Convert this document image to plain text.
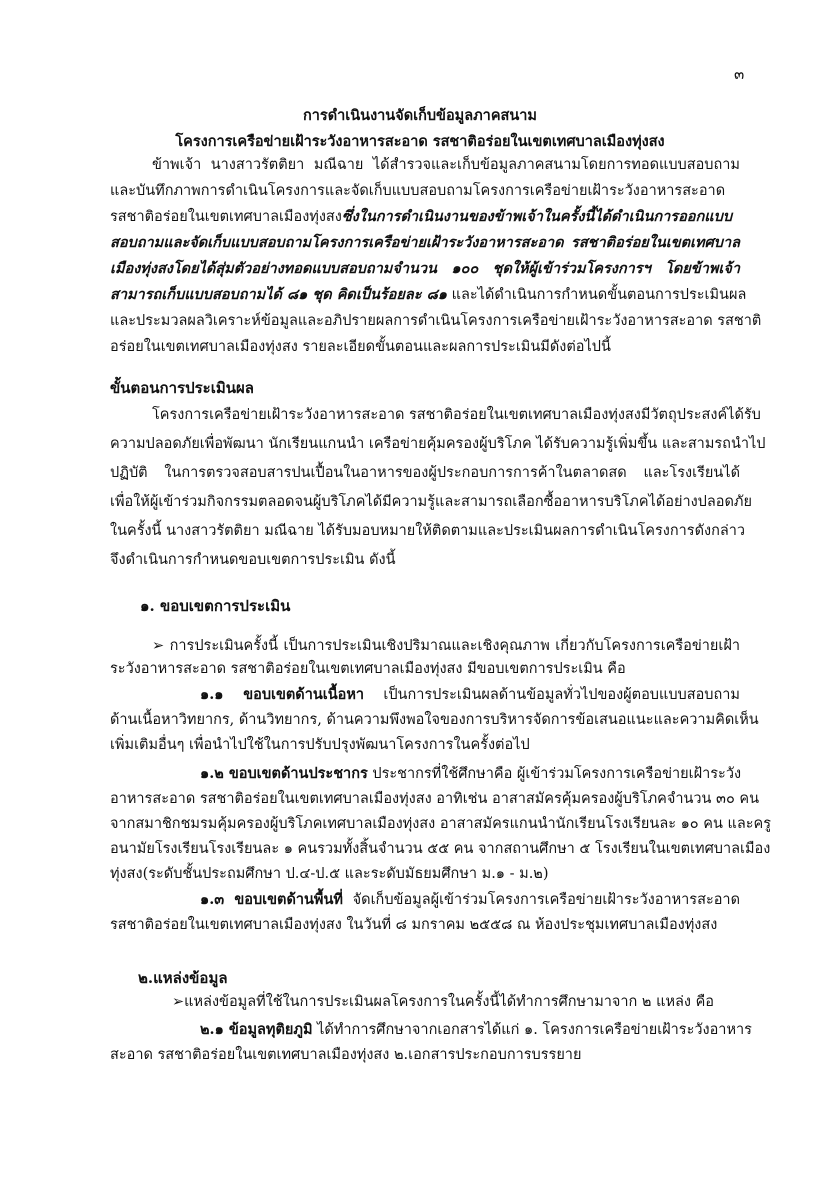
๓
การดำเนินงานจัดเก็บข้อมูลภาคสนาม
โครงการเครือข่ายเฝ้าระวังอาหารสะอาด รสชาติอร่อยในเขตเทศบาลเมืองทุ่งสง
ข้าพเจ้า นางสาวรัตติยา มณีฉาย ได้สำรวจและเก็บข้อมูลภาคสนามโดยการทอดแบบสอบถาม
และบันทึกภาพการดำเนินโครงการและจัดเก็บแบบสอบถามโครงการเครือข่ายเฝ้าระวังอาหารสะอาด
รสชาติอร่อยในเขตเทศบาลเมืองทุ่งสงซึ่งในการดำเนินงานของข้าพเจ้าในครั้งนี้ได้ดำเนินการออกแบบ
สอบถามและจัดเก็บแบบสอบถามโครงการเครือข่ายเฝ้าระวังอาหารสะอาด รสชาติอร่อยในเขตเทศบาล
เมืองทุ่งสงโดยได้สุ่มตัวอย่างทอดแบบสอบถามจำนวน ๑๐๐ ชุดให้ผู้เข้าร่วมโครงการฯ โดยข้าพเจ้า
สามารถเก็บแบบสอบถามได้ ๘๑ ชุด คิดเป็นร้อยละ ๘๑ และได้ดำเนินการกำหนดขั้นตอนการประเมินผล
และประมวลผลวิเคราะห์ข้อมูลและอภิปรายผลการดำเนินโครงการเครือข่ายเฝ้าระวังอาหารสะอาด รสชาติ
อร่อยในเขตเทศบาลเมืองทุ่งสง รายละเอียดขั้นตอนและผลการประเมินมีดังต่อไปนี้
ขั้นตอนการประเมินผล
โครงการเครือข่ายเฝ้าระวังอาหารสะอาด รสชาติอร่อยในเขตเทศบาลเมืองทุ่งสงมีวัตถุประสงค์ได้รับ
ความปลอดภัยเพื่อพัฒนา นักเรียนแกนนำ เครือข่ายคุ้มครองผู้บริโภค ได้รับความรู้เพิ่มขึ้น และสามรถนำไป
ปฏิบัติ ในการตรวจสอบสารปนเปื้อนในอาหารของผู้ประกอบการการค้าในตลาดสด และโรงเรียนได้
เพื่อให้ผู้เข้าร่วมกิจกรรมตลอดจนผู้บริโภคได้มีความรู้และสามารถเลือกซื้ออาหารบริโภคได้อย่างปลอดภัย
ในครั้งนี้ นางสาวรัตติยา มณีฉาย ได้รับมอบหมายให้ติดตามและประเมินผลการดำเนินโครงการดังกล่าว
จึงดำเนินการกำหนดขอบเขตการประเมิน ดังนี้
๑. ขอบเขตการประเมิน
➢ การประเมินครั้งนี้ เป็นการประเมินเชิงปริมาณและเชิงคุณภาพ เกี่ยวกับโครงการเครือข่ายเฝ้า
ระวังอาหารสะอาด รสชาติอร่อยในเขตเทศบาลเมืองทุ่งสง มีขอบเขตการประเมิน คือ
๑.๑ ขอบเขตด้านเนื้อหา เป็นการประเมินผลด้านข้อมูลทั่วไปของผู้ตอบแบบสอบถาม
ด้านเนื้อหาวิทยากร, ด้านวิทยากร, ด้านความพึงพอใจของการบริหารจัดการข้อเสนอแนะและความคิดเห็น
เพิ่มเติมอื่นๆ เพื่อนำไปใช้ในการปรับปรุงพัฒนาโครงการในครั้งต่อไป
๑.๒ ขอบเขตด้านประชากร ประชากรที่ใช้ศึกษาคือ ผู้เข้าร่วมโครงการเครือข่ายเฝ้าระวัง
อาหารสะอาด รสชาติอร่อยในเขตเทศบาลเมืองทุ่งสง อาทิเช่น อาสาสมัครคุ้มครองผู้บริโภคจำนวน ๓๐ คน
จากสมาชิกชมรมคุ้มครองผู้บริโภคเทศบาลเมืองทุ่งสง อาสาสมัครแกนนำนักเรียนโรงเรียนละ ๑๐ คน และครู
อนามัยโรงเรียนโรงเรียนละ ๑ คนรวมทั้งสิ้นจำนวน ๕๕ คน จากสถานศึกษา ๕ โรงเรียนในเขตเทศบาลเมือง
ทุ่งสง(ระดับชั้นประถมศึกษา ป.๔-ป.๕ และระดับมัธยมศึกษา ม.๑ - ม.๒)
๑.๓ ขอบเขตด้านพื้นที่ จัดเก็บข้อมูลผู้เข้าร่วมโครงการเครือข่ายเฝ้าระวังอาหารสะอาด
รสชาติอร่อยในเขตเทศบาลเมืองทุ่งสง ในวันที่ ๘ มกราคม ๒๕๕๘ ณ ห้องประชุมเทศบาลเมืองทุ่งสง
๒.แหล่งข้อมูล
➢แหล่งข้อมูลที่ใช้ในการประเมินผลโครงการในครั้งนี้ได้ทำการศึกษามาจาก ๒ แหล่ง คือ
๒.๑ ข้อมูลทุติยภูมิ ได้ทำการศึกษาจากเอกสารได้แก่ ๑. โครงการเครือข่ายเฝ้าระวังอาหาร
สะอาด รสชาติอร่อยในเขตเทศบาลเมืองทุ่งสง ๒.เอกสารประกอบการบรรยาย
